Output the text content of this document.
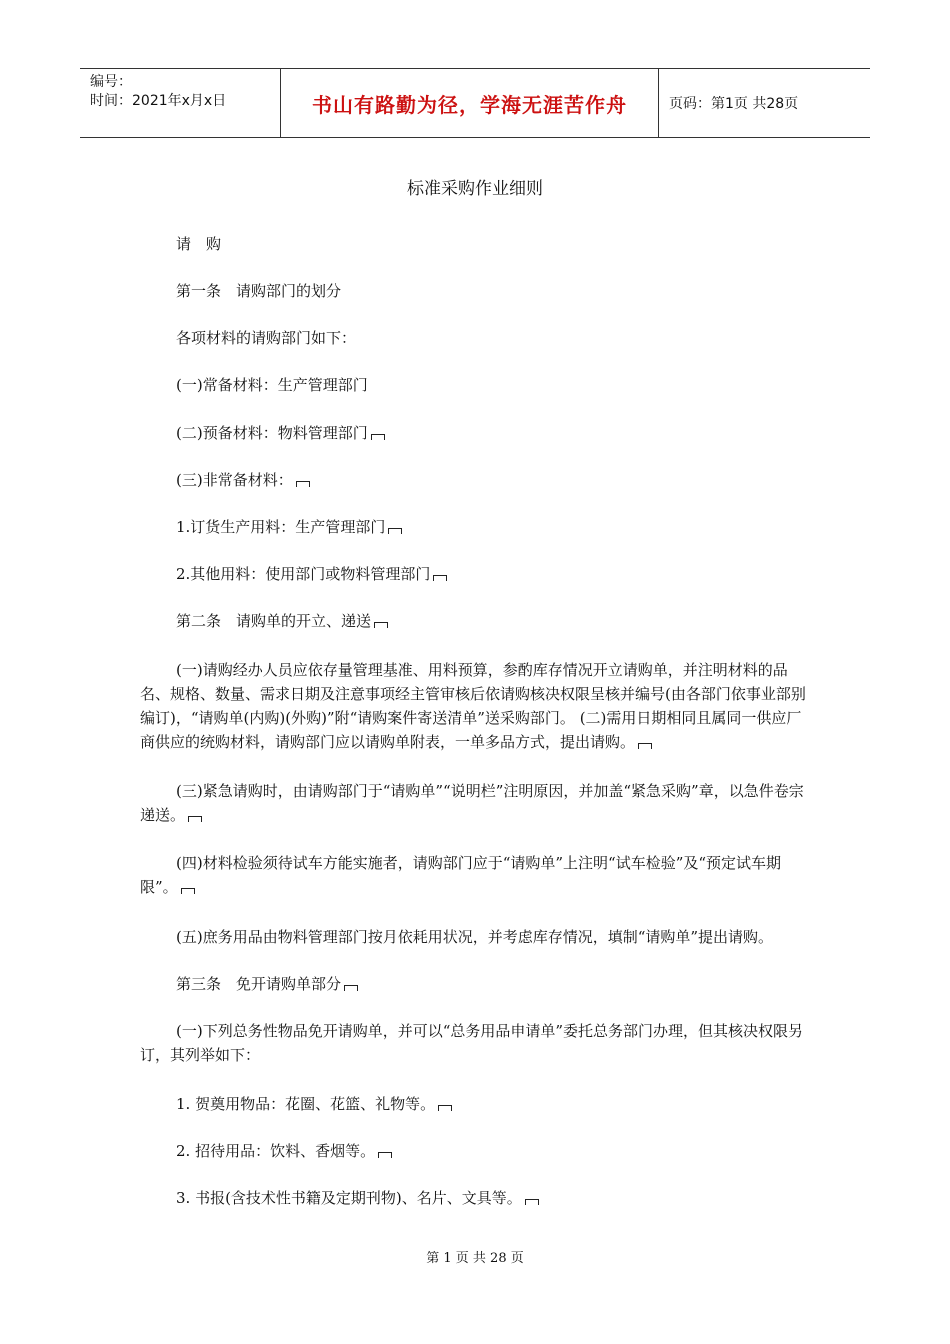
编号：
时间：2021年x月x日	书山有路勤为径，学海无涯苦作舟	页码：第1页 共28页
标准采购作业细则
请　购
第一条　请购部门的划分
各项材料的请购部门如下：
(一)常备材料：生产管理部门
(二)预备材料：物料管理部门
(三)非常备材料：
1.订货生产用料：生产管理部门
2.其他用料：使用部门或物料管理部门
第二条　请购单的开立、递送
(一)请购经办人员应依存量管理基准、用料预算，参酌库存情况开立请购单，并注明材料的品名、规格、数量、需求日期及注意事项经主管审核后依请购核决权限呈核并编号(由各部门依事业部别编订)，“请购单(内购)(外购)”附“请购案件寄送清单”送采购部门。 (二)需用日期相同且属同一供应厂商供应的统购材料，请购部门应以请购单附表，一单多品方式，提出请购。
(三)紧急请购时，由请购部门于“请购单”“说明栏”注明原因，并加盖“紧急采购”章，以急件卷宗递送。
(四)材料检验须待试车方能实施者，请购部门应于“请购单”上注明“试车检验”及“预定试车期限”。
(五)庶务用品由物料管理部门按月依耗用状况，并考虑库存情况，填制“请购单”提出请购。
第三条　免开请购单部分
(一)下列总务性物品免开请购单，并可以“总务用品申请单”委托总务部门办理，但其核决权限另订，其列举如下：
1. 贺奠用物品：花圈、花篮、礼物等。
2. 招待用品：饮料、香烟等。
3. 书报(含技术性书籍及定期刊物)、名片、文具等。
第 1 页 共 28 页
